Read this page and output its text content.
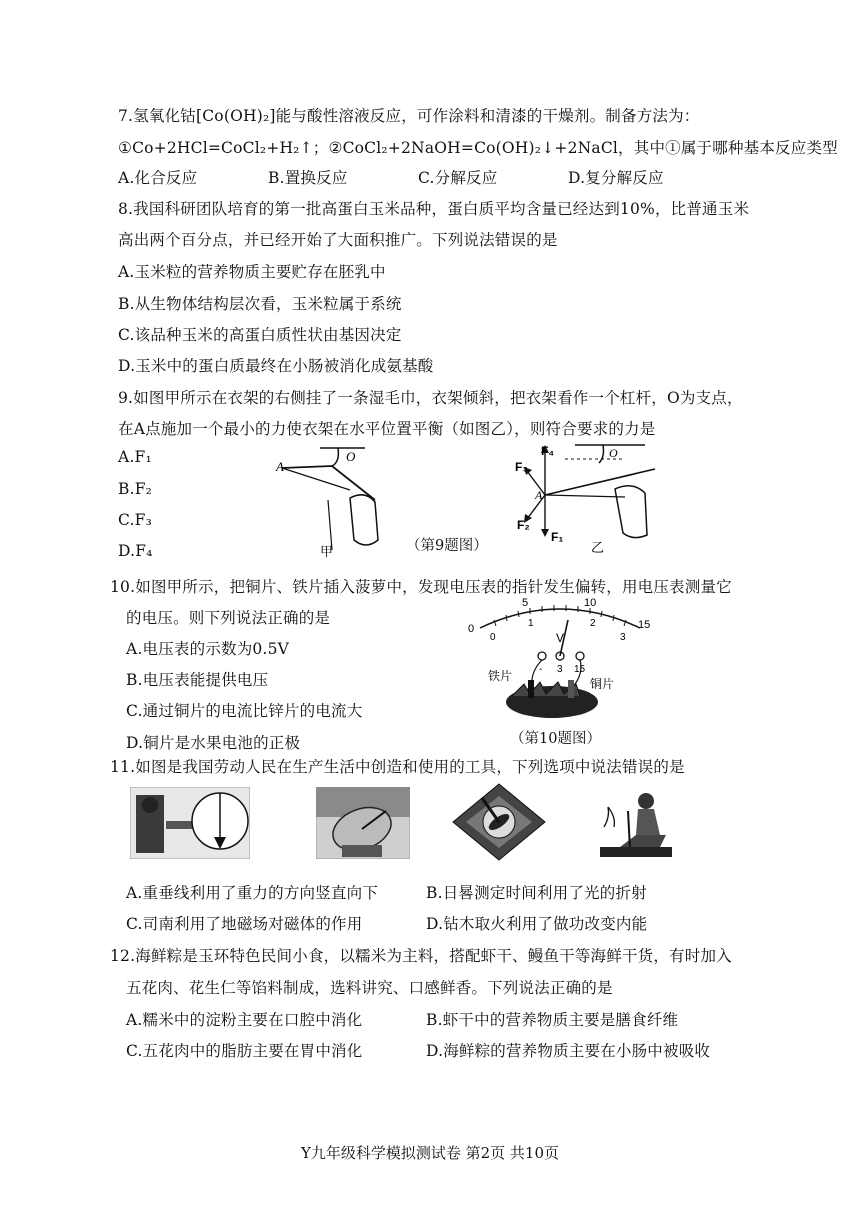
7.氢氧化钴[Co(OH)₂]能与酸性溶液反应，可作涂料和清漆的干燥剂。制备方法为：
①Co+2HCl=CoCl₂+H₂↑；②CoCl₂+2NaOH=Co(OH)₂↓+2NaCl，其中①属于哪种基本反应类型
A.化合反应	B.置换反应	C.分解反应	D.复分解反应
8.我国科研团队培育的第一批高蛋白玉米品种，蛋白质平均含量已经达到10%，比普通玉米
高出两个百分点，并已经开始了大面积推广。下列说法错误的是
A.玉米粒的营养物质主要贮存在胚乳中
B.从生物体结构层次看，玉米粒属于系统
C.该品种玉米的高蛋白质性状由基因决定
D.玉米中的蛋白质最终在小肠被消化成氨基酸
9.如图甲所示在衣架的右侧挂了一条湿毛巾，衣架倾斜，把衣架看作一个杠杆，O为支点，
在A点施加一个最小的力使衣架在水平位置平衡（如图乙），则符合要求的力是
A.F₁
B.F₂
C.F₃
D.F₄
A
O
甲	（第9题图）
A
O
F₄
F₃
F₂
F₁
乙
10.如图甲所示，把铜片、铁片插入菠萝中，发现电压表的指针发生偏转，用电压表测量它
的电压。则下列说法正确的是
A.电压表的示数为0.5V
B.电压表能提供电压
C.通过铜片的电流比锌片的电流大
D.铜片是水果电池的正极
0
5	10
15
0
1	2
3
V
- 3 15
铁片
铜片
（第10题图）
11.如图是我国劳动人民在生产生活中创造和使用的工具，下列选项中说法错误的是
A.重垂线利用了重力的方向竖直向下	B.日晷测定时间利用了光的折射
C.司南利用了地磁场对磁体的作用	D.钻木取火利用了做功改变内能
12.海鲜粽是玉环特色民间小食，以糯米为主料，搭配虾干、鳗鱼干等海鲜干货，有时加入
五花肉、花生仁等馅料制成，选料讲究、口感鲜香。下列说法正确的是
A.糯米中的淀粉主要在口腔中消化	B.虾干中的营养物质主要是膳食纤维
C.五花肉中的脂肪主要在胃中消化	D.海鲜粽的营养物质主要在小肠中被吸收
Y九年级科学模拟测试卷 第2页 共10页
